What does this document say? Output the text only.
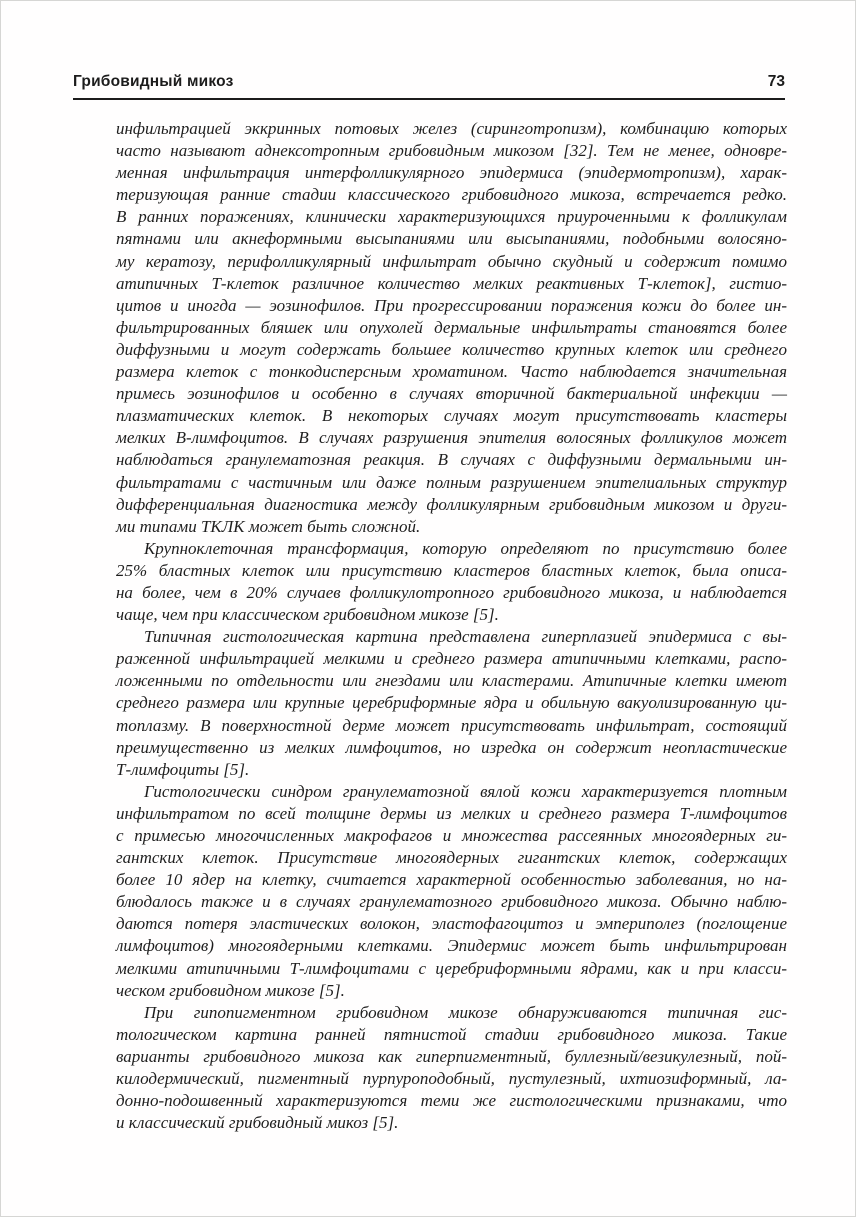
Грибовидный микоз	73
инфильтрацией эккринных потовых желез (сиринготропизм), комбинацию которых
часто называют аднексотропным грибовидным микозом [32]. Тем не менее, одновре-
менная инфильтрация интерфолликулярного эпидермиса (эпидермотропизм), харак-
теризующая ранние стадии классического грибовидного микоза, встречается редко.
В ранних поражениях, клинически характеризующихся приуроченными к фолликулам
пятнами или акнеформными высыпаниями или высыпаниями, подобными волосяно-
му кератозу, перифолликулярный инфильтрат обычно скудный и содержит помимо
атипичных Т-клеток различное количество мелких реактивных Т-клеток], гистио-
цитов и иногда — эозинофилов. При прогрессировании поражения кожи до более ин-
фильтрированных бляшек или опухолей дермальные инфильтраты становятся более
диффузными и могут содержать большее количество крупных клеток или среднего
размера клеток с тонкодисперсным хроматином. Часто наблюдается значительная
примесь эозинофилов и особенно в случаях вторичной бактериальной инфекции —
плазматических клеток. В некоторых случаях могут присутствовать кластеры
мелких В-лимфоцитов. В случаях разрушения эпителия волосяных фолликулов может
наблюдаться гранулематозная реакция. В случаях с диффузными дермальными ин-
фильтратами с частичным или даже полным разрушением эпителиальных структур
дифференциальная диагностика между фолликулярным грибовидным микозом и други-
ми типами ТКЛК может быть сложной.
Крупноклеточная трансформация, которую определяют по присутствию более
25% бластных клеток или присутствию кластеров бластных клеток, была описа-
на более, чем в 20% случаев фолликулотропного грибовидного микоза, и наблюдается
чаще, чем при классическом грибовидном микозе [5].
Типичная гистологическая картина представлена гиперплазией эпидермиса с вы-
раженной инфильтрацией мелкими и среднего размера атипичными клетками, распо-
ложенными по отдельности или гнездами или кластерами. Атипичные клетки имеют
среднего размера или крупные церебриформные ядра и обильную вакуолизированную ци-
топлазму. В поверхностной дерме может присутствовать инфильтрат, состоящий
преимущественно из мелких лимфоцитов, но изредка он содержит неопластические
Т-лимфоциты [5].
Гистологически синдром гранулематозной вялой кожи характеризуется плотным
инфильтратом по всей толщине дермы из мелких и среднего размера Т-лимфоцитов
с примесью многочисленных макрофагов и множества рассеянных многоядерных ги-
гантских клеток. Присутствие многоядерных гигантских клеток, содержащих
более 10 ядер на клетку, считается характерной особенностью заболевания, но на-
блюдалось также и в случаях гранулематозного грибовидного микоза. Обычно наблю-
даются потеря эластических волокон, эластофагоцитоз и эмпериполез (поглощение
лимфоцитов) многоядерными клетками. Эпидермис может быть инфильтрирован
мелкими атипичными Т-лимфоцитами с церебриформными ядрами, как и при класси-
ческом грибовидном микозе [5].
При гипопигментном грибовидном микозе обнаруживаются типичная гис-
тологическом картина ранней пятнистой стадии грибовидного микоза. Такие
варианты грибовидного микоза как гиперпигментный, буллезный/везикулезный, пой-
килодермический, пигментный пурпуроподобный, пустулезный, ихтиозиформный, ла-
донно-подошвенный характеризуются теми же гистологическими признаками, что
и классический грибовидный микоз [5].
